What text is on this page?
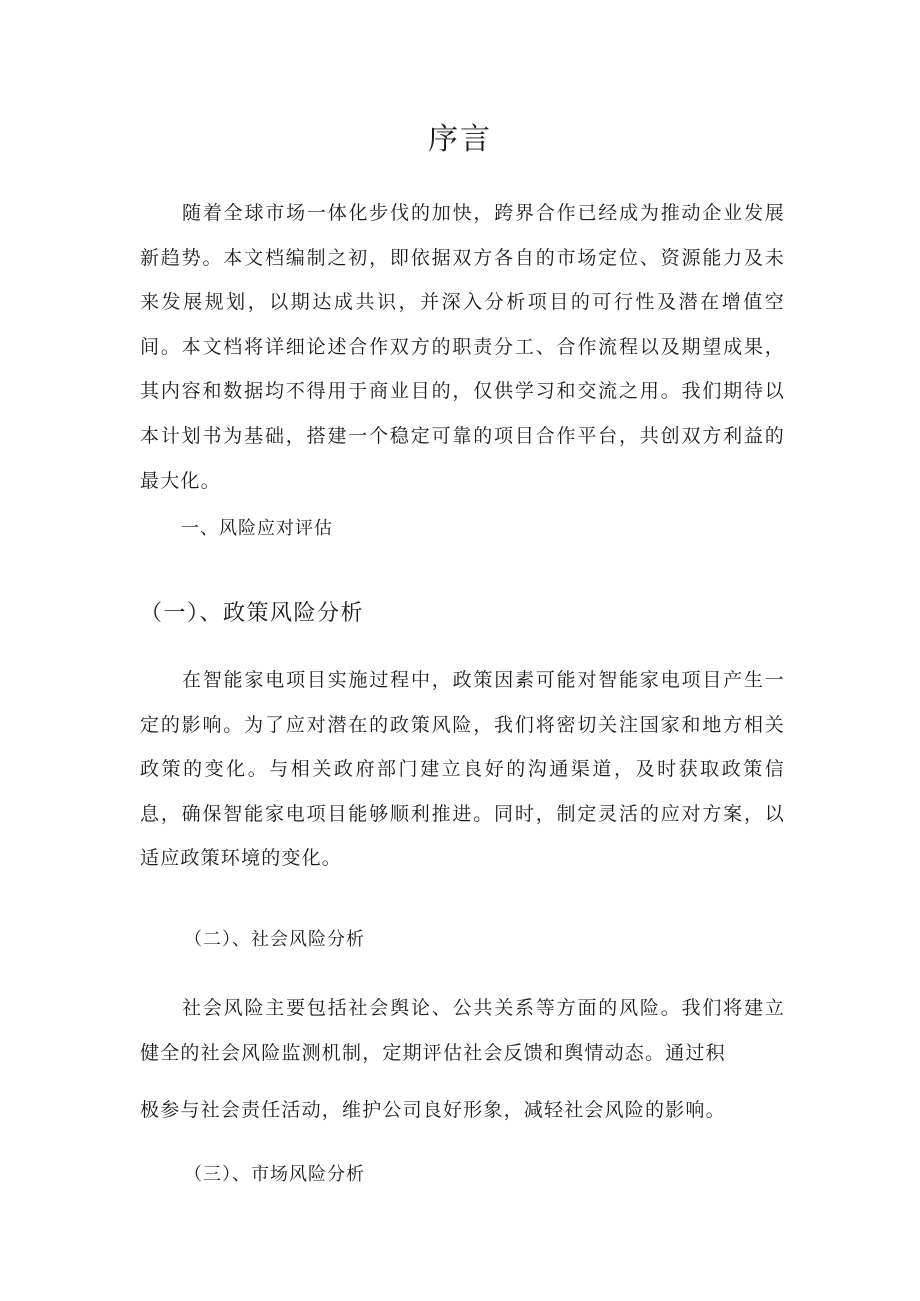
序言

随着全球市场一体化步伐的加快，跨界合作已经成为推动企业发展新趋势。本文档编制之初，即依据双方各自的市场定位、资源能力及未来发展规划，以期达成共识，并深入分析项目的可行性及潜在增值空间。本文档将详细论述合作双方的职责分工、合作流程以及期望成果，其内容和数据均不得用于商业目的，仅供学习和交流之用。我们期待以本计划书为基础，搭建一个稳定可靠的项目合作平台，共创双方利益的最大化。

一、风险应对评估
（一）、政策风险分析

在智能家电项目实施过程中，政策因素可能对智能家电项目产生一定的影响。为了应对潜在的政策风险，我们将密切关注国家和地方相关政策的变化。与相关政府部门建立良好的沟通渠道，及时获取政策信息，确保智能家电项目能够顺利推进。同时，制定灵活的应对方案，以适应政策环境的变化。

（二）、社会风险分析

社会风险主要包括社会舆论、公共关系等方面的风险。我们将建立健全的社会风险监测机制，定期评估社会反馈和舆情动态。通过积

极参与社会责任活动，维护公司良好形象，减轻社会风险的影响。
（三）、市场风险分析
